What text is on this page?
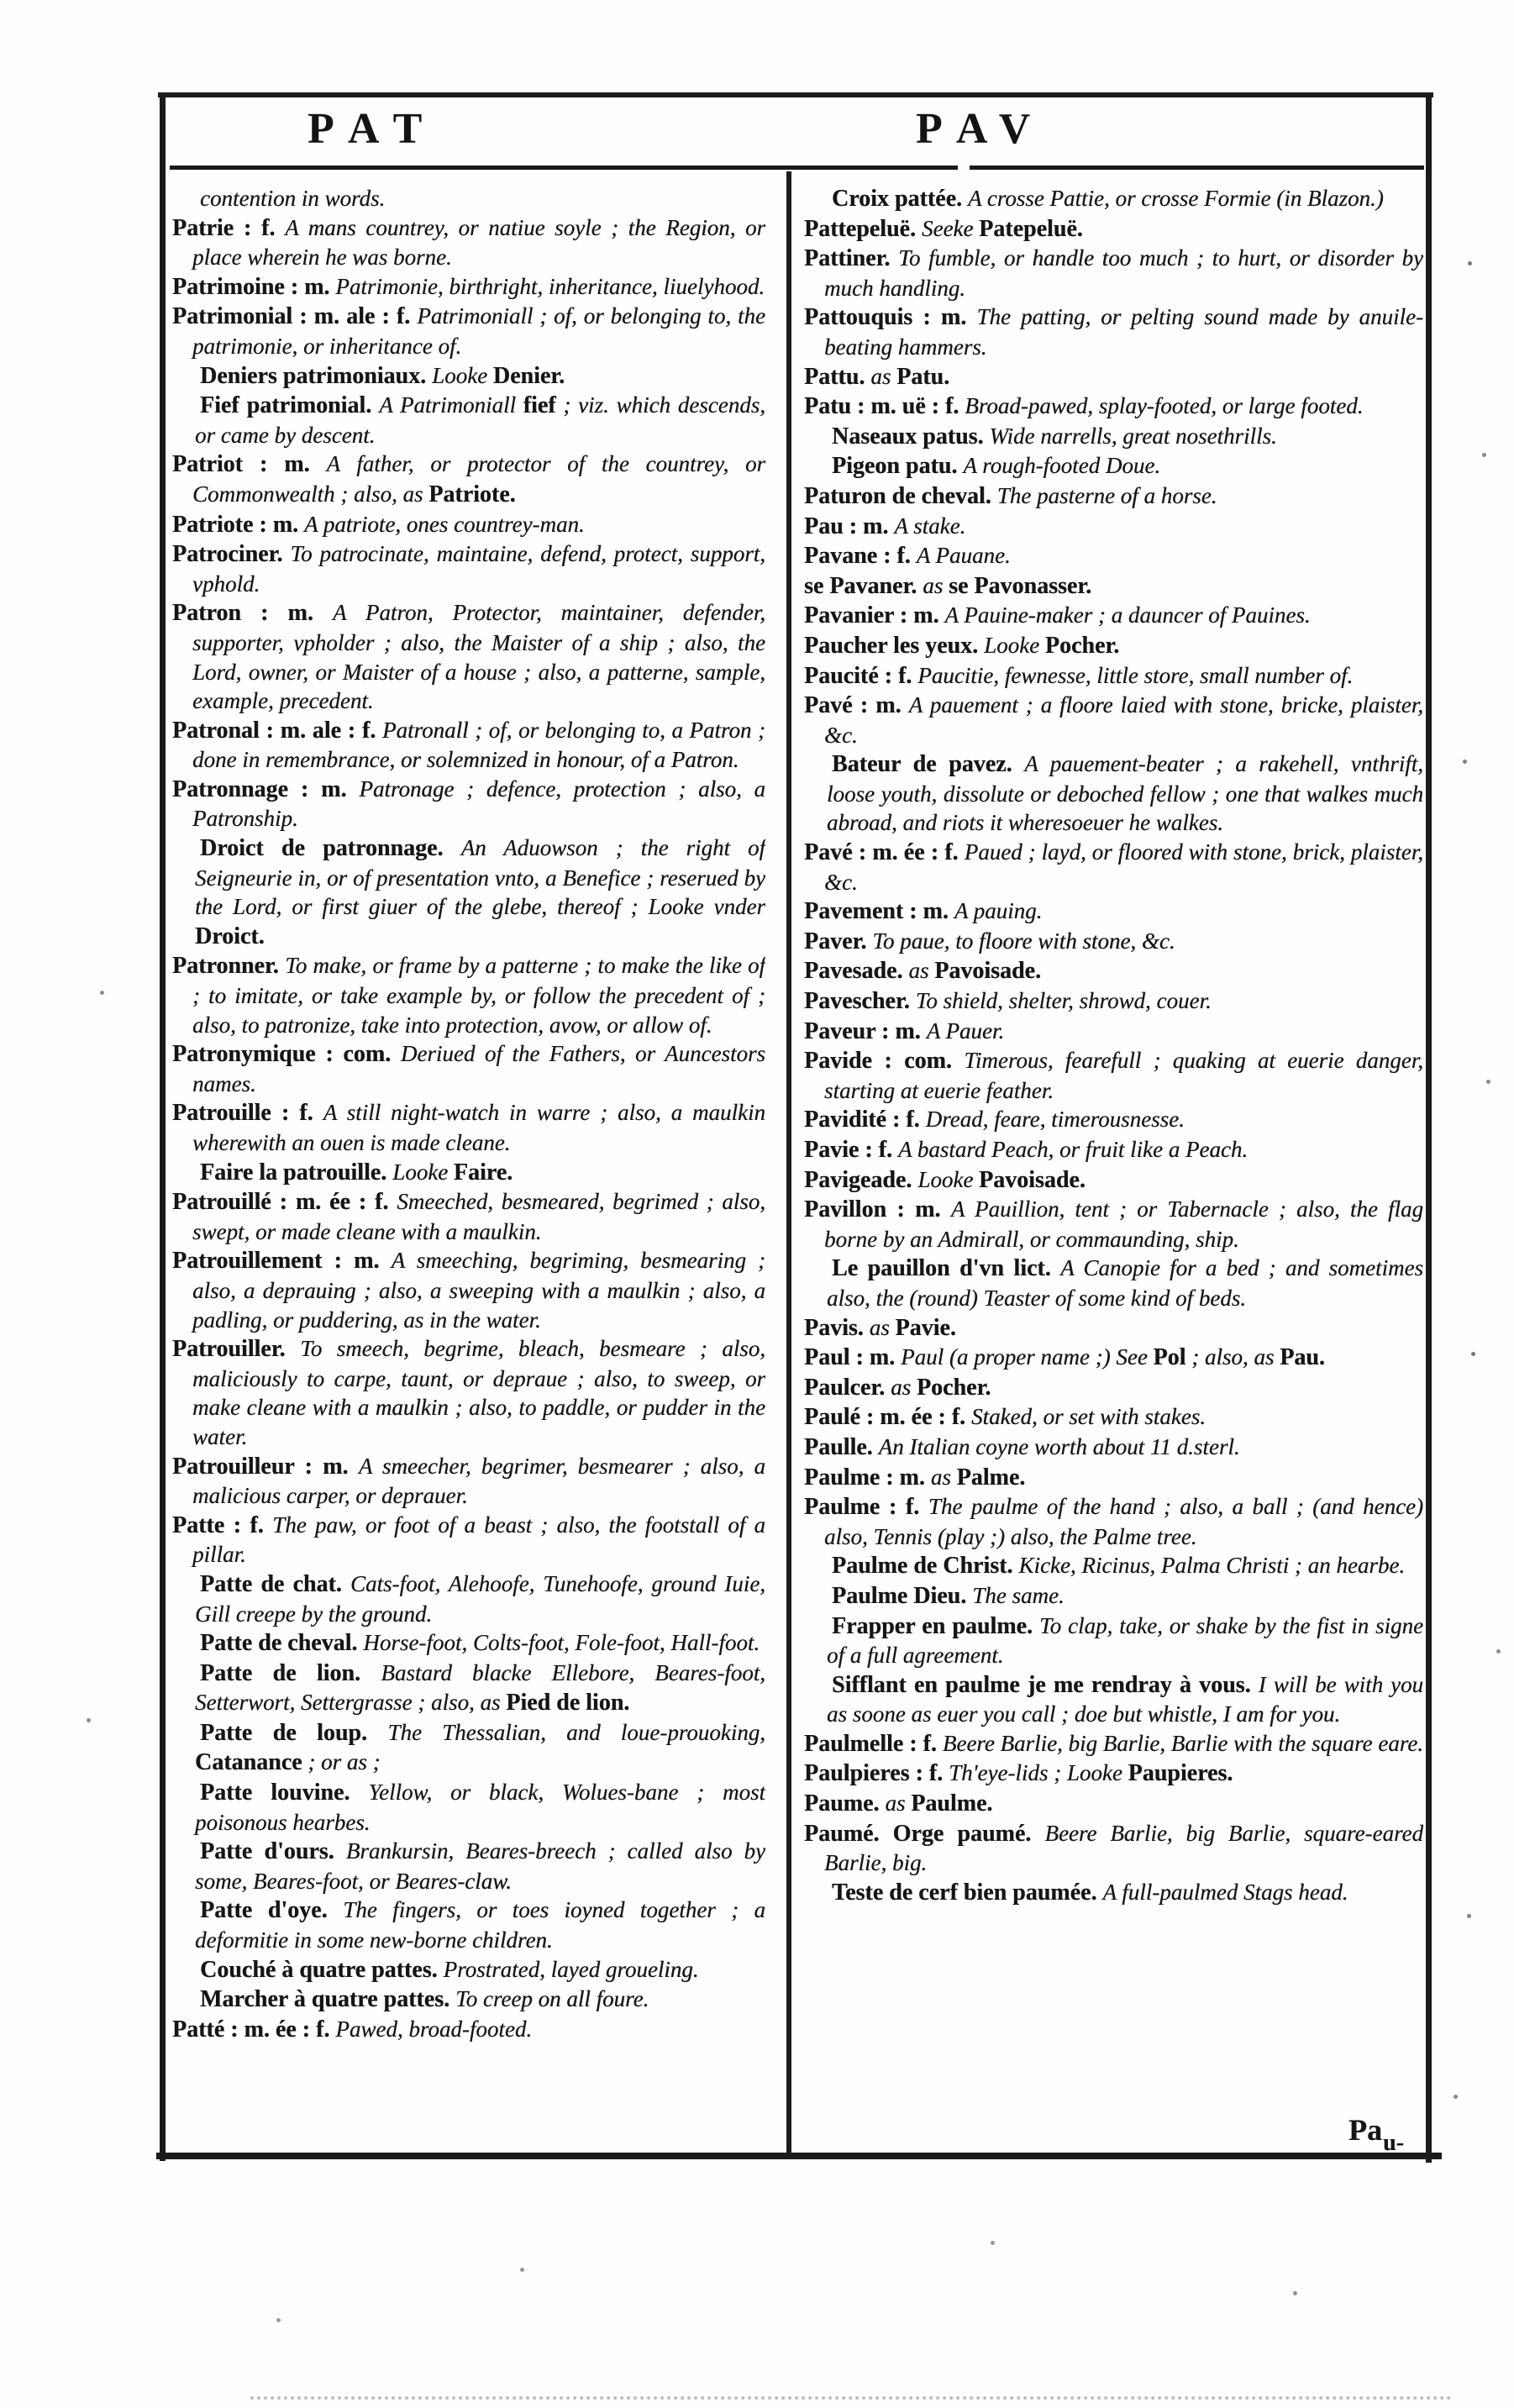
PAT	PAV

contention in words.

Patrie : f. A mans countrey, or natiue soyle ; the Region, or place wherein he was borne.

Patrimoine : m. Patrimonie, birthright, inheritance, liuelyhood.

Patrimonial : m. ale : f. Patrimoniall ; of, or belonging to, the patrimonie, or inheritance of.

Deniers patrimoniaux. Looke Denier.

Fief patrimonial. A Patrimoniall fief ; viz. which descends, or came by descent.

Patriot : m. A father, or protector of the countrey, or Commonwealth ; also, as Patriote.

Patriote : m. A patriote, ones countrey-man.

Patrociner. To patrocinate, maintaine, defend, protect, support, vphold.

Patron : m. A Patron, Protector, maintainer, defender, supporter, vpholder ; also, the Maister of a ship ; also, the Lord, owner, or Maister of a house ; also, a patterne, sample, example, precedent.

Patronal : m. ale : f. Patronall ; of, or belonging to, a Patron ; done in remembrance, or solemnized in honour, of a Patron.

Patronnage : m. Patronage ; defence, protection ; also, a Patronship.

Droict de patronnage. An Aduowson ; the right of Seigneurie in, or of presentation vnto, a Benefice ; reserued by the Lord, or first giuer of the glebe, thereof ; Looke vnder Droict.

Patronner. To make, or frame by a patterne ; to make the like of ; to imitate, or take example by, or follow the precedent of ; also, to patronize, take into protection, avow, or allow of.

Patronymique : com. Deriued of the Fathers, or Auncestors names.

Patrouille : f. A still night-watch in warre ; also, a maulkin wherewith an ouen is made cleane.

Faire la patrouille. Looke Faire.

Patrouillé : m. ée : f. Smeeched, besmeared, begrimed ; also, swept, or made cleane with a maulkin.

Patrouillement : m. A smeeching, begriming, besmearing ; also, a deprauing ; also, a sweeping with a maulkin ; also, a padling, or puddering, as in the water.

Patrouiller. To smeech, begrime, bleach, besmeare ; also, maliciously to carpe, taunt, or depraue ; also, to sweep, or make cleane with a maulkin ; also, to paddle, or pudder in the water.

Patrouilleur : m. A smeecher, begrimer, besmearer ; also, a malicious carper, or deprauer.

Patte : f. The paw, or foot of a beast ; also, the footstall of a pillar.

Patte de chat. Cats-foot, Alehoofe, Tunehoofe, ground Iuie, Gill creepe by the ground.

Patte de cheval. Horse-foot, Colts-foot, Fole-foot, Hall-foot.

Patte de lion. Bastard blacke Ellebore, Beares-foot, Setterwort, Settergrasse ; also, as Pied de lion.

Patte de loup. The Thessalian, and loue-prouoking, Catanance ; or as ;

Patte louvine. Yellow, or black, Wolues-bane ; most poisonous hearbes.

Patte d'ours. Brankursin, Beares-breech ; called also by some, Beares-foot, or Beares-claw.

Patte d'oye. The fingers, or toes ioyned together ; a deformitie in some new-borne children.

Couché à quatre pattes. Prostrated, layed groueling.

Marcher à quatre pattes. To creep on all foure.

Patté : m. ée : f. Pawed, broad-footed.

Croix pattée. A crosse Pattie, or crosse Formie (in Blazon.)

Pattepeluë. Seeke Patepeluë.

Pattiner. To fumble, or handle too much ; to hurt, or disorder by much handling.

Pattouquis : m. The patting, or pelting sound made by anuile-beating hammers.

Pattu. as Patu.

Patu : m. uë : f. Broad-pawed, splay-footed, or large footed.

Naseaux patus. Wide narrells, great nosethrills.

Pigeon patu. A rough-footed Doue.

Paturon de cheval. The pasterne of a horse.

Pau : m. A stake.

Pavane : f. A Pauane.

se Pavaner. as se Pavonasser.

Pavanier : m. A Pauine-maker ; a dauncer of Pauines.

Paucher les yeux. Looke Pocher.

Paucité : f. Paucitie, fewnesse, little store, small number of.

Pavé : m. A pauement ; a floore laied with stone, bricke, plaister, &c.

Bateur de pavez. A pauement-beater ; a rakehell, vnthrift, loose youth, dissolute or deboched fellow ; one that walkes much abroad, and riots it wheresoeuer he walkes.

Pavé : m. ée : f. Paued ; layd, or floored with stone, brick, plaister, &c.

Pavement : m. A pauing.

Paver. To paue, to floore with stone, &c.

Pavesade. as Pavoisade.

Pavescher. To shield, shelter, shrowd, couer.

Paveur : m. A Pauer.

Pavide : com. Timerous, fearefull ; quaking at euerie danger, starting at euerie feather.

Pavidité : f. Dread, feare, timerousnesse.

Pavie : f. A bastard Peach, or fruit like a Peach.

Pavigeade. Looke Pavoisade.

Pavillon : m. A Pauillion, tent ; or Tabernacle ; also, the flag borne by an Admirall, or commaunding, ship.

Le pauillon d'vn lict. A Canopie for a bed ; and sometimes also, the (round) Teaster of some kind of beds.

Pavis. as Pavie.

Paul : m. Paul (a proper name ;) See Pol ; also, as Pau.

Paulcer. as Pocher.

Paulé : m. ée : f. Staked, or set with stakes.

Paulle. An Italian coyne worth about 11 d.sterl.

Paulme : m. as Palme.

Paulme : f. The paulme of the hand ; also, a ball ; (and hence) also, Tennis (play ;) also, the Palme tree.

Paulme de Christ. Kicke, Ricinus, Palma Christi ; an hearbe.

Paulme Dieu. The same.

Frapper en paulme. To clap, take, or shake by the fist in signe of a full agreement.

Sifflant en paulme je me rendray à vous. I will be with you as soone as euer you call ; doe but whistle, I am for you.

Paulmelle : f. Beere Barlie, big Barlie, Barlie with the square eare.

Paulpieres : f. Th'eye-lids ; Looke Paupieres.

Paume. as Paulme.

Paumé. Orge paumé. Beere Barlie, big Barlie, square-eared Barlie, big.

Teste de cerf bien paumée. A full-paulmed Stags head.

$Pa_{u-}$
